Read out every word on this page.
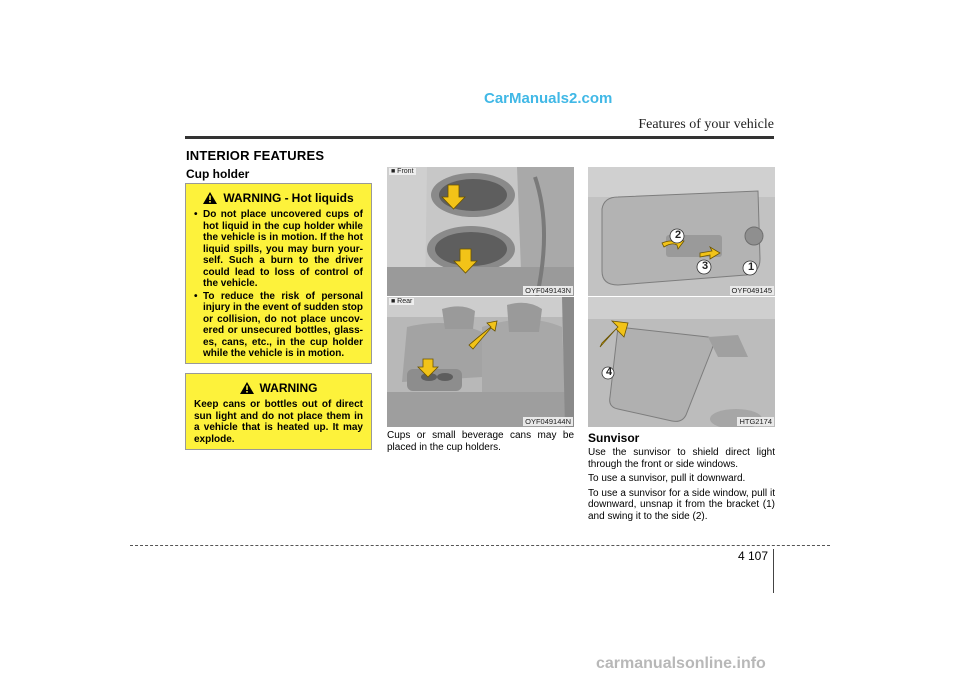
CarManuals2.com
Features of your vehicle
INTERIOR FEATURES
Cup holder
WARNING - Hot liquids
• Do not place uncovered cups of hot liquid in the cup holder while the vehicle is in motion. If the hot liquid spills, you may burn your-self. Such a burn to the driver could lead to loss of control of the vehicle.
• To reduce the risk of personal injury in the event of sudden stop or collision, do not place uncov-ered or unsecured bottles, glass-es, cans, etc., in the cup holder while the vehicle is in motion.
WARNING
Keep cans or bottles out of direct sun light and do not place them in a vehicle that is heated up. It may explode.
■ Front
OYF049143N
■ Rear
OYF049144N
Cups or small beverage cans may be placed in the cup holders.
2
3	1
OYF049145
4
HTG2174
Sunvisor

Use the sunvisor to shield direct light through the front or side windows.

To use a sunvisor, pull it downward.

To use a sunvisor for a side window, pull it downward, unsnap it from the bracket (1) and swing it to the side (2).

4 107
carmanualsonline.info
